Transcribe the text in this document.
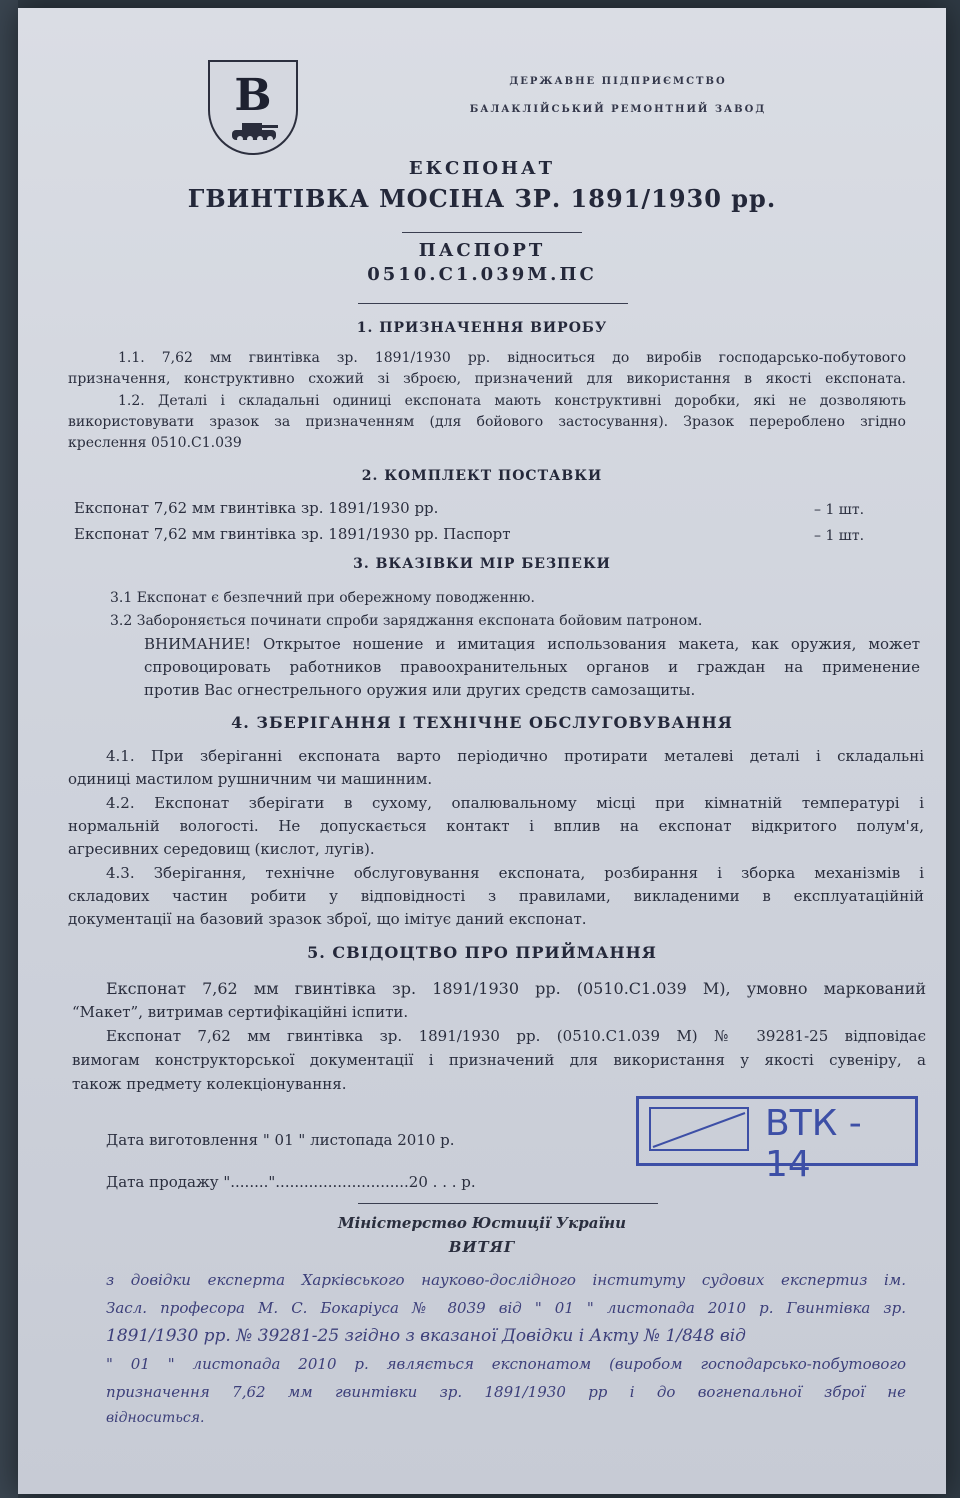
В	ДЕРЖАВНЕ ПІДПРИЄМСТВО
БАЛАКЛІЙСЬКИЙ РЕМОНТНИЙ ЗАВОД
ЕКСПОНАТ
ГВИНТІВКА МОСІНА ЗР. 1891/1930 рр.
ПАСПОРТ
0510.С1.039М.ПС
1. ПРИЗНАЧЕННЯ ВИРОБУ
1.1. 7,62 мм гвинтівка зр. 1891/1930 рр. відноситься до виробів господарсько-побутового
призначення, конструктивно схожий зі зброєю, призначений для використання в якості експоната.
1.2. Деталі і складальні одиниці експоната мають конструктивні доробки, які не дозволяють
використовувати зразок за призначенням (для бойового застосування). Зразок перероблено згідно
креслення 0510.С1.039
2. КОМПЛЕКТ ПОСТАВКИ
Експонат 7,62 мм гвинтівка зр. 1891/1930 рр.	– 1 шт.
Експонат 7,62 мм гвинтівка зр. 1891/1930 рр. Паспорт	– 1 шт.
3. ВКАЗІВКИ МІР БЕЗПЕКИ
3.1 Експонат є безпечний при обережному поводженню.
3.2 Забороняється починати спроби заряджання експоната бойовим патроном.
ВНИМАНИЕ! Открытое ношение и имитация использования макета, как оружия, может
спровоцировать работников правоохранительных органов и граждан на применение
против Вас огнестрельного оружия или других средств самозащиты.
4. ЗБЕРІГАННЯ І ТЕХНІЧНЕ ОБСЛУГОВУВАННЯ
4.1. При зберіганні експоната варто періодично протирати металеві деталі і складальні
одиниці мастилом рушничним чи машинним.
4.2. Експонат зберігати в сухому, опалювальному місці при кімнатній температурі і
нормальній вологості. Не допускається контакт і вплив на експонат відкритого полум'я,
агресивних середовищ (кислот, лугів).
4.3. Зберігання, технічне обслуговування експоната, розбирання і зборка механізмів і
складових частин робити у відповідності з правилами, викладеними в експлуатаційній
документації на базовий зразок зброї, що імітує даний експонат.
5. СВІДОЦТВО ПРО ПРИЙМАННЯ
Експонат 7,62 мм гвинтівка зр. 1891/1930 рр. (0510.С1.039 М), умовно маркований
“Макет”, витримав сертифікаційні іспити.
Експонат 7,62 мм гвинтівка зр. 1891/1930 рр. (0510.С1.039 М) № 39281-25 відповідає
вимогам конструкторської документації і призначений для використання у якості сувеніру, а
також предмету колекціонування.
Дата виготовлення " 01 " листопада 2010 р.
Дата продажу "........"............................20 . . . р.
ВТК - 14
Міністерство Юстиції України
ВИТЯГ
з довідки експерта Харківського науково-дослідного інституту судових експертиз ім.
Засл. професора М. С. Бокаріуса № 8039 від " 01 " листопада 2010 р. Гвинтівка зр.
1891/1930 рр. № 39281-25 згідно з вказаної Довідки і Акту № 1/848 від
" 01 " листопада 2010 р. являється експонатом (виробом господарсько-побутового
призначення 7,62 мм гвинтівки зр. 1891/1930 рр і до вогнепальної зброї не
відноситься.
